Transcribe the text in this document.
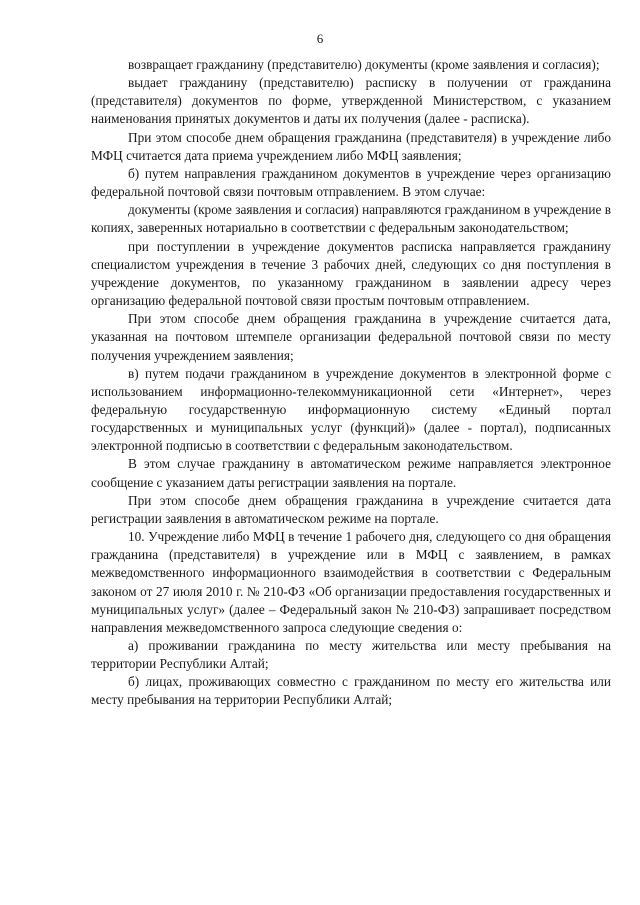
6

возвращает гражданину (представителю) документы (кроме заявления и согласия);

выдает гражданину (представителю) расписку в получении от гражданина (представителя) документов по форме, утвержденной Министерством, с указанием наименования принятых документов и даты их получения (далее - расписка).

При этом способе днем обращения гражданина (представителя) в учреждение либо МФЦ считается дата приема учреждением либо МФЦ заявления;

б) путем направления гражданином документов в учреждение через организацию федеральной почтовой связи почтовым отправлением. В этом случае:

документы (кроме заявления и согласия) направляются гражданином в учреждение в копиях, заверенных нотариально в соответствии с федеральным законодательством;

при поступлении в учреждение документов расписка направляется гражданину специалистом учреждения в течение 3 рабочих дней, следующих со дня поступления в учреждение документов, по указанному гражданином в заявлении адресу через организацию федеральной почтовой связи простым почтовым отправлением.

При этом способе днем обращения гражданина в учреждение считается дата, указанная на почтовом штемпеле организации федеральной почтовой связи по месту получения учреждением заявления;

в) путем подачи гражданином в учреждение документов в электронной форме с использованием информационно-телекоммуникационной сети «Интернет», через федеральную государственную информационную систему «Единый портал государственных и муниципальных услуг (функций)» (далее - портал), подписанных электронной подписью в соответствии с федеральным законодательством.

В этом случае гражданину в автоматическом режиме направляется электронное сообщение с указанием даты регистрации заявления на портале.

При этом способе днем обращения гражданина в учреждение считается дата регистрации заявления в автоматическом режиме на портале.

10. Учреждение либо МФЦ в течение 1 рабочего дня, следующего со дня обращения гражданина (представителя) в учреждение или в МФЦ с заявлением, в рамках межведомственного информационного взаимодействия в соответствии с Федеральным законом от 27 июля 2010 г. № 210-ФЗ «Об организации предоставления государственных и муниципальных услуг» (далее – Федеральный закон № 210-ФЗ) запрашивает посредством направления межведомственного запроса следующие сведения о:

а) проживании гражданина по месту жительства или месту пребывания на территории Республики Алтай;

б) лицах, проживающих совместно с гражданином по месту его жительства или месту пребывания на территории Республики Алтай;
